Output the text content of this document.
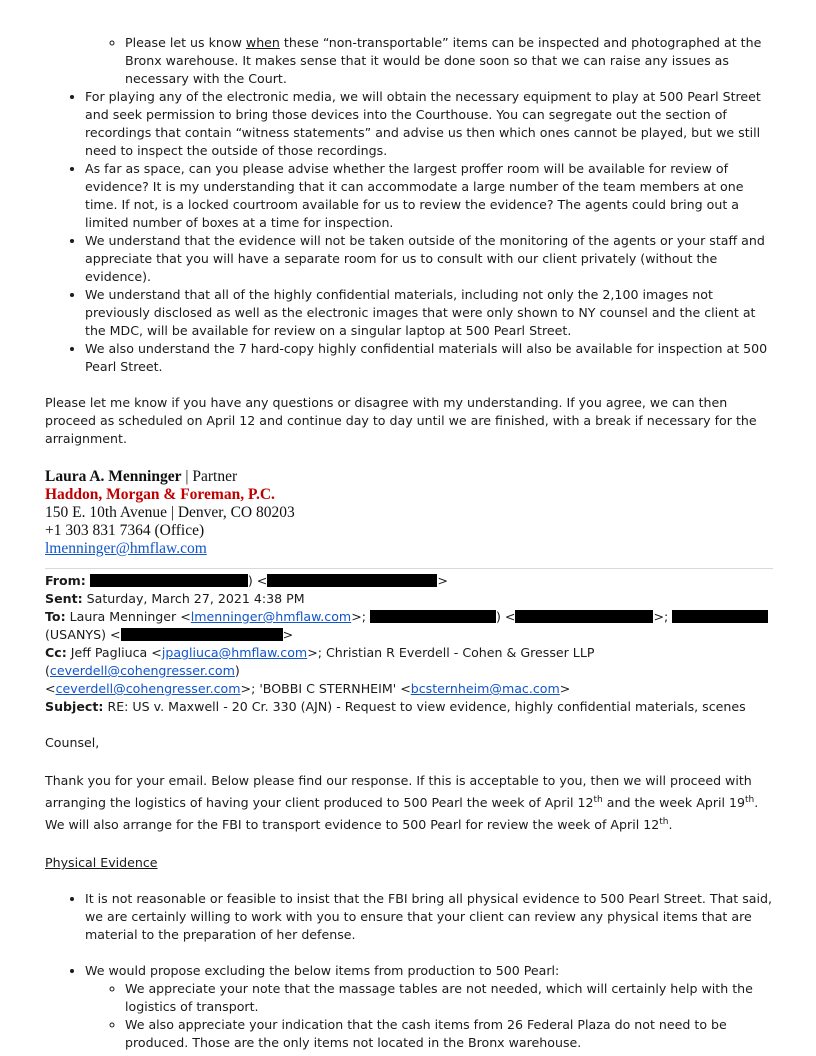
◦ Please let us know when these “non-transportable” items can be inspected and photographed at the Bronx warehouse. It makes sense that it would be done soon so that we can raise any issues as necessary with the Court.
• For playing any of the electronic media, we will obtain the necessary equipment to play at 500 Pearl Street and seek permission to bring those devices into the Courthouse. You can segregate out the section of recordings that contain “witness statements” and advise us then which ones cannot be played, but we still need to inspect the outside of those recordings.
• As far as space, can you please advise whether the largest proffer room will be available for review of evidence? It is my understanding that it can accommodate a large number of the team members at one time. If not, is a locked courtroom available for us to review the evidence? The agents could bring out a limited number of boxes at a time for inspection.
• We understand that the evidence will not be taken outside of the monitoring of the agents or your staff and appreciate that you will have a separate room for us to consult with our client privately (without the evidence).
• We understand that all of the highly confidential materials, including not only the 2,100 images not previously disclosed as well as the electronic images that were only shown to NY counsel and the client at the MDC, will be available for review on a singular laptop at 500 Pearl Street.
• We also understand the 7 hard-copy highly confidential materials will also be available for inspection at 500 Pearl Street.

Please let me know if you have any questions or disagree with my understanding. If you agree, we can then proceed as scheduled on April 12 and continue day to day until we are finished, with a break if necessary for the arraignment.

Laura A. Menninger | Partner
Haddon, Morgan & Foreman, P.C.
150 E. 10th Avenue | Denver, CO 80203
+1 303 831 7364 (Office)
lmenninger@hmflaw.com
From:	) <	>
Sent: Saturday, March 27, 2021 4:38 PM
To: Laura Menninger <lmenninger@hmflaw.com>;	) <	>;
(USANYS) <	>
Cc: Jeff Pagliuca <jpagliuca@hmflaw.com>; Christian R Everdell - Cohen & Gresser LLP (ceverdell@cohengresser.com)
<ceverdell@cohengresser.com>; 'BOBBI C STERNHEIM' <bcsternheim@mac.com>
Subject: RE: US v. Maxwell - 20 Cr. 330 (AJN) - Request to view evidence, highly confidential materials, scenes

Counsel,

Thank you for your email. Below please find our response. If this is acceptable to you, then we will proceed with arranging the logistics of having your client produced to 500 Pearl the week of April 12th and the week April 19th. We will also arrange for the FBI to transport evidence to 500 Pearl for review the week of April 12th.

Physical Evidence

• It is not reasonable or feasible to insist that the FBI bring all physical evidence to 500 Pearl Street. That said, we are certainly willing to work with you to ensure that your client can review any physical items that are material to the preparation of her defense.
• We would propose excluding the below items from production to 500 Pearl:
◦ We appreciate your note that the massage tables are not needed, which will certainly help with the logistics of transport.
◦ We also appreciate your indication that the cash items from 26 Federal Plaza do not need to be produced. Those are the only items not located in the Bronx warehouse.
